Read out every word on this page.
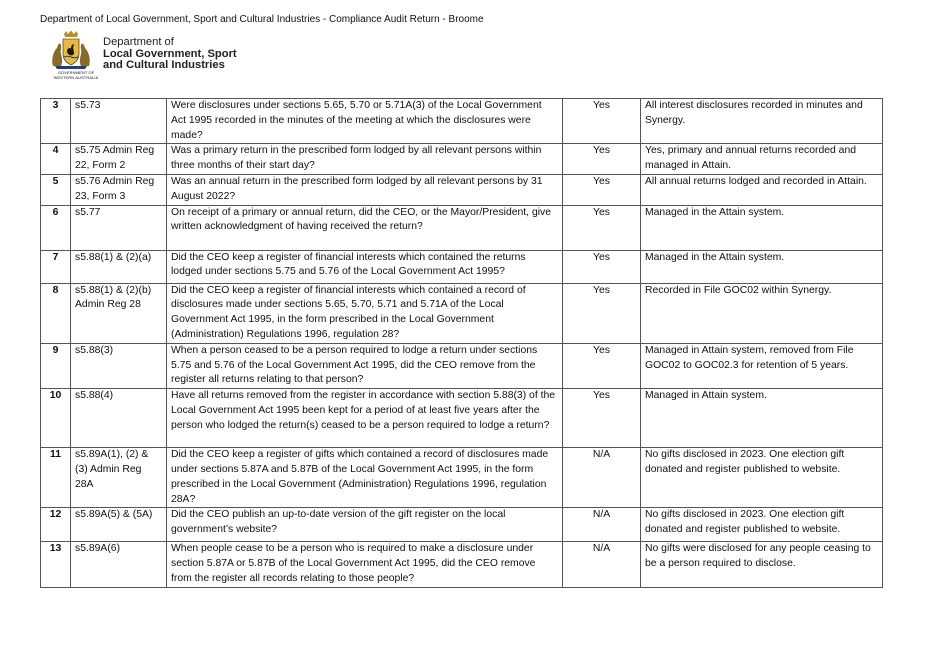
Department of Local Government, Sport and Cultural Industries - Compliance Audit Return - Broome
GOVERNMENT OF
WESTERN AUSTRALIA
Department of
Local Government, Sport
and Cultural Industries
3	s5.73	Were disclosures under sections 5.65, 5.70 or 5.71A(3) of the Local Government Act 1995 recorded in the minutes of the meeting at which the disclosures were made?	Yes	All interest disclosures recorded in minutes and Synergy.
4	s5.75 Admin Reg 22, Form 2	Was a primary return in the prescribed form lodged by all relevant persons within three months of their start day?	Yes	Yes, primary and annual returns recorded and managed in Attain.
5	s5.76 Admin Reg 23, Form 3	Was an annual return in the prescribed form lodged by all relevant persons by 31 August 2022?	Yes	All annual returns lodged and recorded in Attain.
6	s5.77	On receipt of a primary or annual return, did the CEO, or the Mayor/President, give written acknowledgment of having received the return?	Yes	Managed in the Attain system.
7	s5.88(1) & (2)(a)	Did the CEO keep a register of financial interests which contained the returns lodged under sections 5.75 and 5.76 of the Local Government Act 1995?	Yes	Managed in the Attain system.
8	s5.88(1) & (2)(b) Admin Reg 28	Did the CEO keep a register of financial interests which contained a record of disclosures made under sections 5.65, 5.70, 5.71 and 5.71A of the Local Government Act 1995, in the form prescribed in the Local Government (Administration) Regulations 1996, regulation 28?	Yes	Recorded in File GOC02 within Synergy.
9	s5.88(3)	When a person ceased to be a person required to lodge a return under sections 5.75 and 5.76 of the Local Government Act 1995, did the CEO remove from the register all returns relating to that person?	Yes	Managed in Attain system, removed from File GOC02 to GOC02.3 for retention of 5 years.
10	s5.88(4)	Have all returns removed from the register in accordance with section 5.88(3) of the Local Government Act 1995 been kept for a period of at least five years after the person who lodged the return(s) ceased to be a person required to lodge a return?	Yes	Managed in Attain system.
11	s5.89A(1), (2) & (3) Admin Reg 28A	Did the CEO keep a register of gifts which contained a record of disclosures made under sections 5.87A and 5.87B of the Local Government Act 1995, in the form prescribed in the Local Government (Administration) Regulations 1996, regulation 28A?	N/A	No gifts disclosed in 2023. One election gift donated and register published to website.
12	s5.89A(5) & (5A)	Did the CEO publish an up-to-date version of the gift register on the local government’s website?	N/A	No gifts disclosed in 2023. One election gift donated and register published to website.
13	s5.89A(6)	When people cease to be a person who is required to make a disclosure under section 5.87A or 5.87B of the Local Government Act 1995, did the CEO remove from the register all records relating to those people?	N/A	No gifts were disclosed for any people ceasing to be a person required to disclose.
